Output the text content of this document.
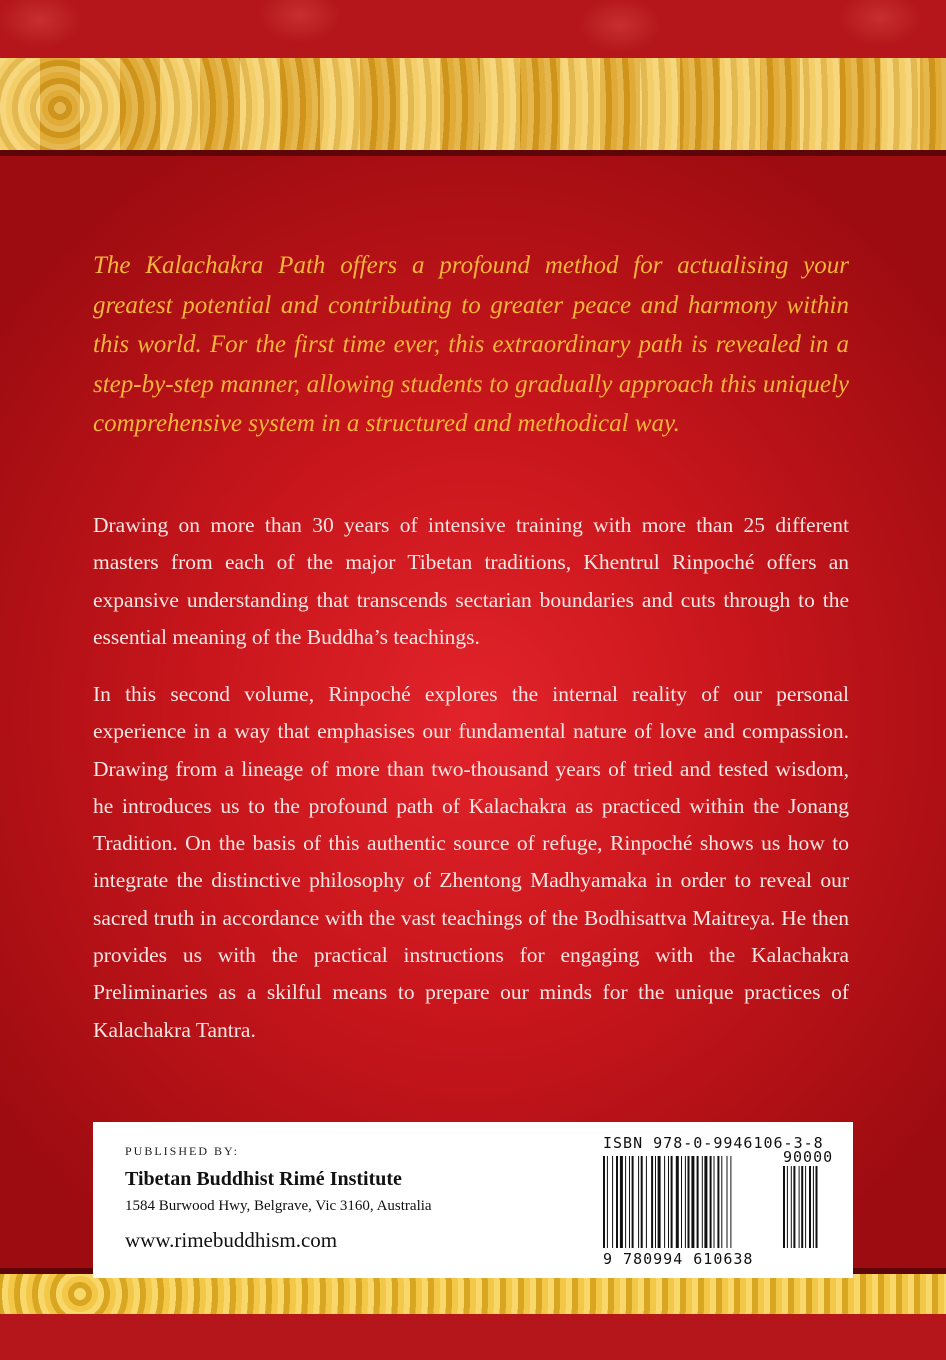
The Kalachakra Path offers a profound method for actualising your greatest potential and contributing to greater peace and harmony within this world. For the first time ever, this extraordinary path is revealed in a step-by-step manner, allowing students to gradually approach this uniquely comprehensive system in a structured and methodical way.

Drawing on more than 30 years of intensive training with more than 25 different masters from each of the major Tibetan traditions, Khentrul Rinpoché offers an expansive understanding that transcends sectarian boundaries and cuts through to the essential meaning of the Buddha’s teachings.

In this second volume, Rinpoché explores the internal reality of our personal experience in a way that emphasises our fundamental nature of love and compassion. Drawing from a lineage of more than two-thousand years of tried and tested wisdom, he introduces us to the profound path of Kalachakra as practiced within the Jonang Tradition. On the basis of this authentic source of refuge, Rinpoché shows us how to integrate the distinctive philosophy of Zhentong Madhyamaka in order to reveal our sacred truth in accordance with the vast teachings of the Bodhisattva Maitreya. He then provides us with the practical instructions for engaging with the Kalachakra Preliminaries as a skilful means to prepare our minds for the unique practices of Kalachakra Tantra.

PUBLISHED BY:

Tibetan Buddhist Rimé Institute

1584 Burwood Hwy, Belgrave, Vic 3160, Australia

www.rimebuddhism.com

ISBN 978-0-9946106-3-8

90000

9 780994 610638
